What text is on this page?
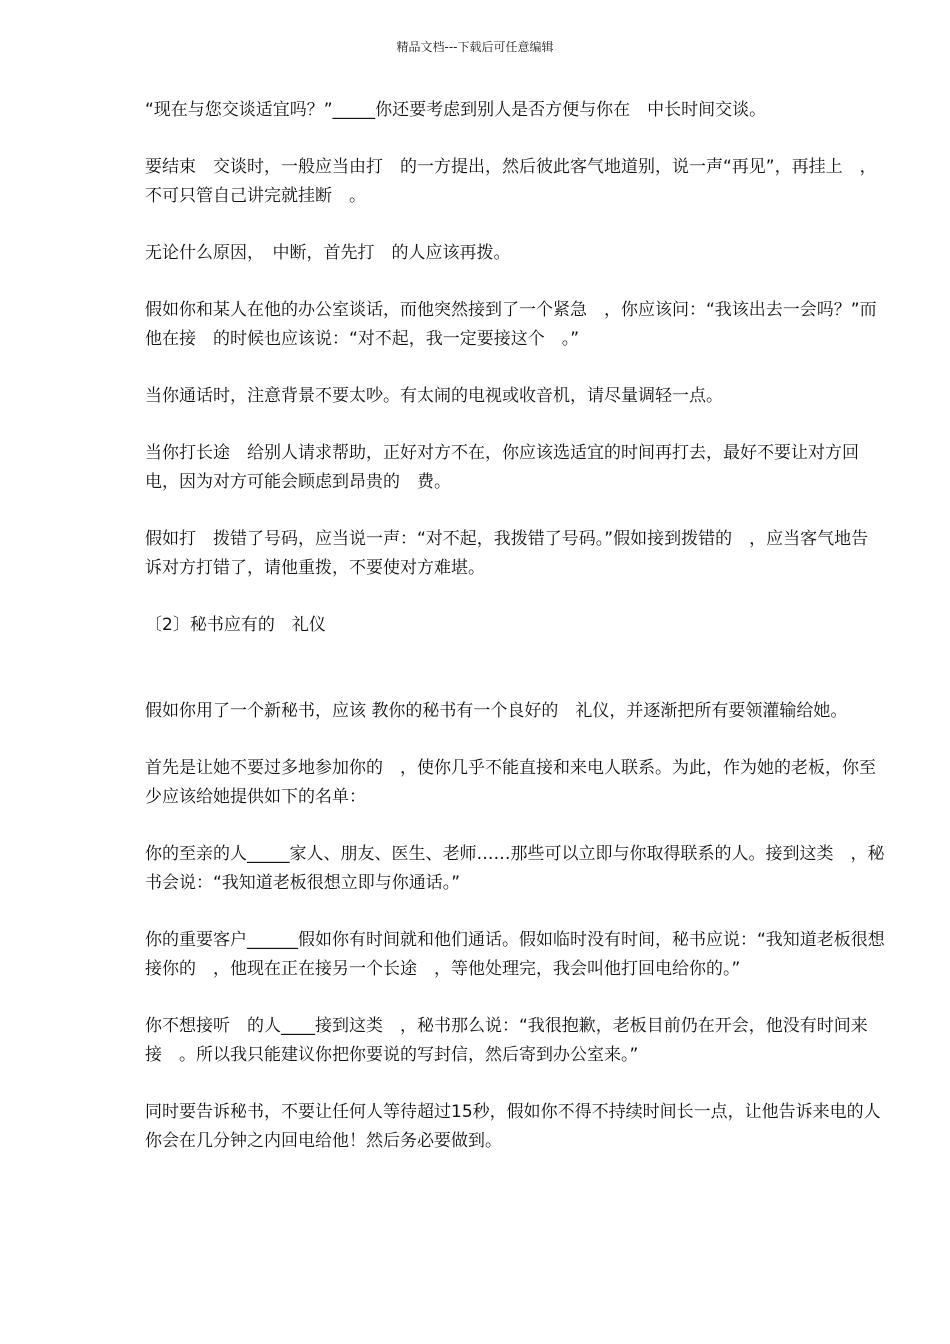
精品文档---下载后可任意编辑

“现在与您交谈适宜吗？”_____你还要考虑到别人是否方便与你在　中长时间交谈。

要结束　交谈时，一般应当由打　的一方提出，然后彼此客气地道别，说一声“再见”，再挂上　，不可只管自己讲完就挂断　。

无论什么原因，　中断，首先打　的人应该再拨。

假如你和某人在他的办公室谈话，而他突然接到了一个紧急　，你应该问：“我该出去一会吗？”而他在接　的时候也应该说：“对不起，我一定要接这个　。”

当你通话时，注意背景不要太吵。有太闹的电视或收音机，请尽量调轻一点。

当你打长途　给别人请求帮助，正好对方不在，你应该选适宜的时间再打去，最好不要让对方回电，因为对方可能会顾虑到昂贵的　费。

假如打　拨错了号码，应当说一声：“对不起，我拨错了号码。”假如接到拨错的　，应当客气地告诉对方打错了，请他重拨，不要使对方难堪。

〔2〕秘书应有的　礼仪

假如你用了一个新秘书，应该 教你的秘书有一个良好的　礼仪，并逐渐把所有要领灌输给她。

首先是让她不要过多地参加你的　，使你几乎不能直接和来电人联系。为此，作为她的老板，你至少应该给她提供如下的名单：

你的至亲的人_____家人、朋友、医生、老师……那些可以立即与你取得联系的人。接到这类　，秘书会说：“我知道老板很想立即与你通话。”

你的重要客户______假如你有时间就和他们通话。假如临时没有时间，秘书应说：“我知道老板很想接你的　，他现在正在接另一个长途　，等他处理完，我会叫他打回电给你的。”

你不想接听　的人____接到这类　，秘书那么说：“我很抱歉，老板目前仍在开会，他没有时间来接　。所以我只能建议你把你要说的写封信，然后寄到办公室来。”

同时要告诉秘书，不要让任何人等待超过15秒，假如你不得不持续时间长一点，让他告诉来电的人你会在几分钟之内回电给他！然后务必要做到。
